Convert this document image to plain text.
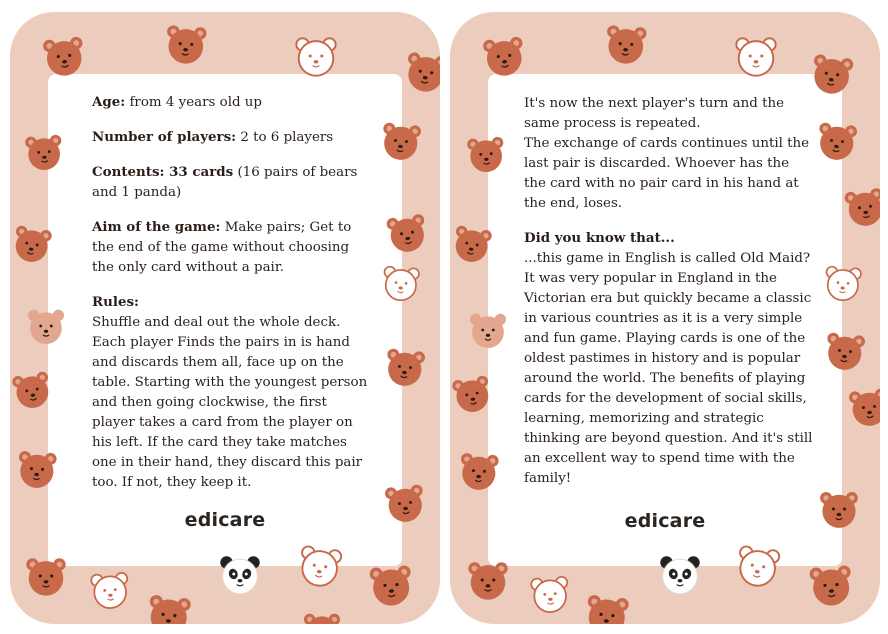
Age: from 4 years old up

Number of players: 2 to 6 players

Contents: 33 cards (16 pairs of bears and 1 panda)

Aim of the game: Make pairs; Get to the end of the game without choosing the only card without a pair.

Rules:
Shuffle and deal out the whole deck. Each player Finds the pairs in is hand and discards them all, face up on the table. Starting with the youngest person and then going clockwise, the first player takes a card from the player on his left. If the card they take matches one in their hand, they discard this pair too. If not, they keep it.

edicare

It's now the next player's turn and the same process is repeated.

The exchange of cards continues until the last pair is discarded. Whoever has the the card with no pair card in his hand at the end, loses.

Did you know that...
...this game in English is called Old Maid? It was very popular in England in the Victorian era but quickly became a classic in various countries as it is a very simple and fun game. Playing cards is one of the oldest pastimes in history and is popular around the world. The benefits of playing cards for the development of social skills, learning, memorizing and strategic thinking are beyond question. And it's still an excellent way to spend time with the family!

edicare
